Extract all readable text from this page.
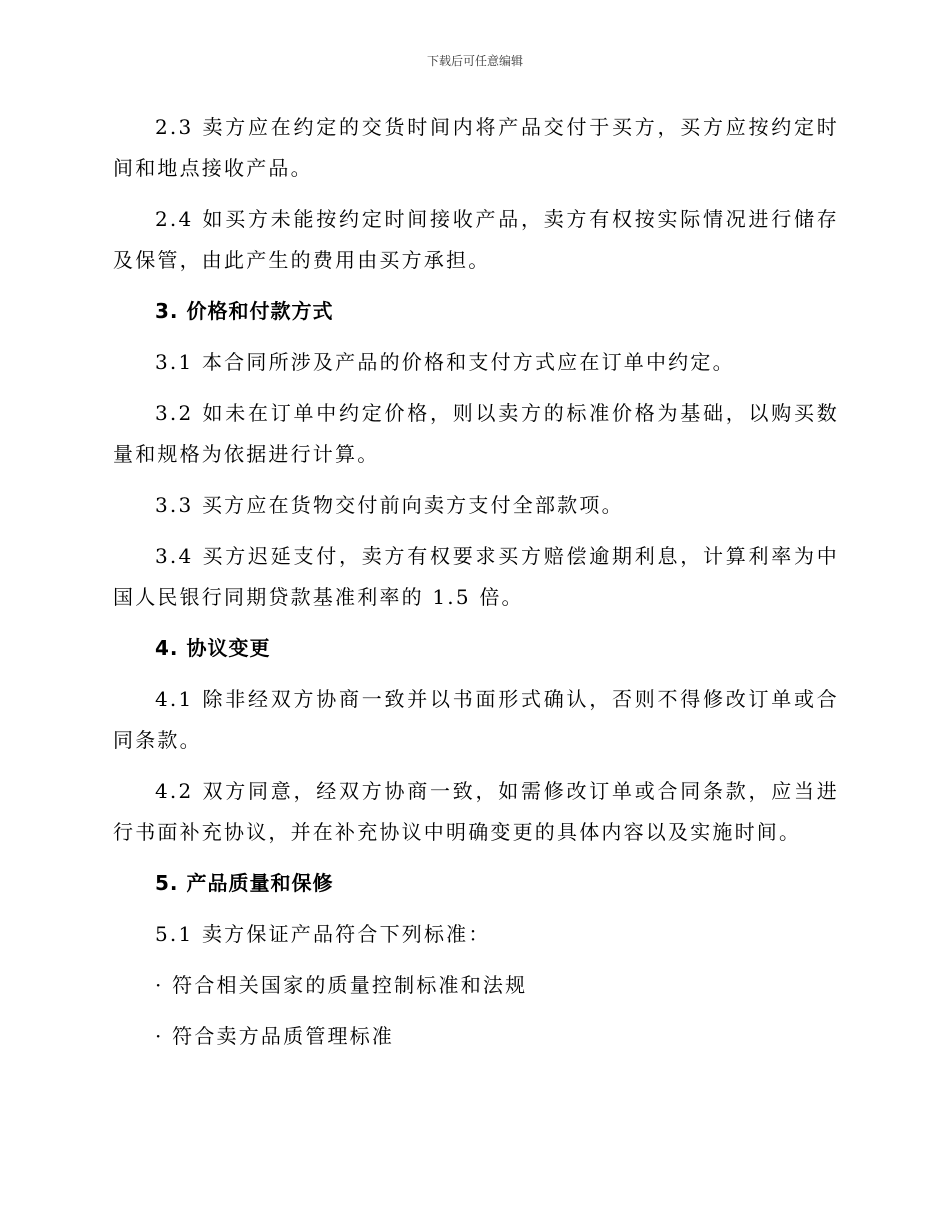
下载后可任意编辑

2.3 卖方应在约定的交货时间内将产品交付于买方，买方应按约定时间和地点接收产品。

2.4 如买方未能按约定时间接收产品，卖方有权按实际情况进行储存及保管，由此产生的费用由买方承担。

3. 价格和付款方式

3.1 本合同所涉及产品的价格和支付方式应在订单中约定。

3.2 如未在订单中约定价格，则以卖方的标准价格为基础，以购买数量和规格为依据进行计算。

3.3 买方应在货物交付前向卖方支付全部款项。

3.4 买方迟延支付，卖方有权要求买方赔偿逾期利息，计算利率为中国人民银行同期贷款基准利率的 1.5 倍。

4. 协议变更

4.1 除非经双方协商一致并以书面形式确认，否则不得修改订单或合同条款。

4.2 双方同意，经双方协商一致，如需修改订单或合同条款，应当进行书面补充协议，并在补充协议中明确变更的具体内容以及实施时间。

5. 产品质量和保修

5.1 卖方保证产品符合下列标准：

· 符合相关国家的质量控制标准和法规

· 符合卖方品质管理标准
